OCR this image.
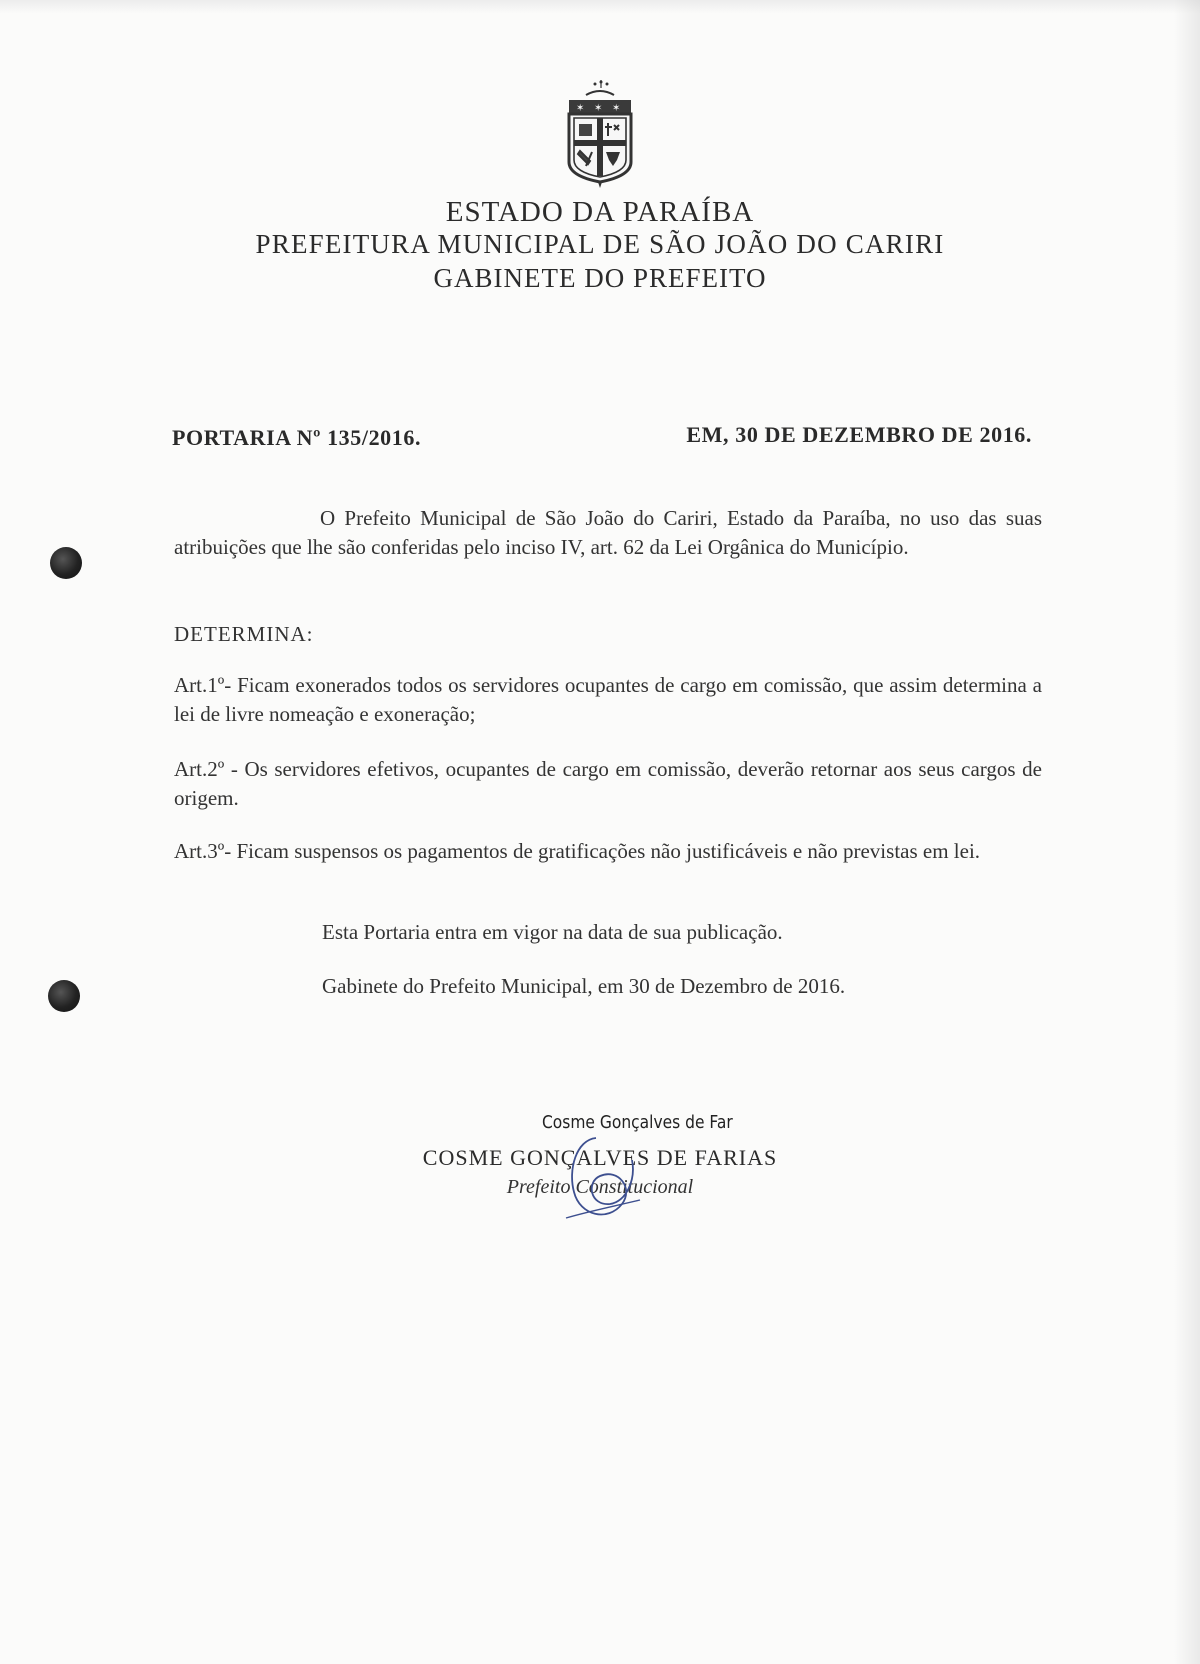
✶ ✶ ✶
ESTADO DA PARAÍBA
PREFEITURA MUNICIPAL DE SÃO JOÃO DO CARIRI
GABINETE DO PREFEITO
PORTARIA Nº 135/2016.	EM, 30 DE DEZEMBRO DE 2016.
O Prefeito Municipal de São João do Cariri, Estado da Paraíba, no uso das suas atribuições que lhe são conferidas pelo inciso IV, art. 62 da Lei Orgânica do Município.
DETERMINA:
Art.1º- Ficam exonerados todos os servidores ocupantes de cargo em comissão, que assim determina a lei de livre nomeação e exoneração;
Art.2º - Os servidores efetivos, ocupantes de cargo em comissão, deverão retornar aos seus cargos de origem.
Art.3º- Ficam suspensos os pagamentos de gratificações não justificáveis e não previstas em lei.
Esta Portaria entra em vigor na data de sua publicação.
Gabinete do Prefeito Municipal, em 30 de Dezembro de 2016.
Cosme Gonçalves de Far
COSME GONÇALVES DE FARIAS
Prefeito Constitucional
